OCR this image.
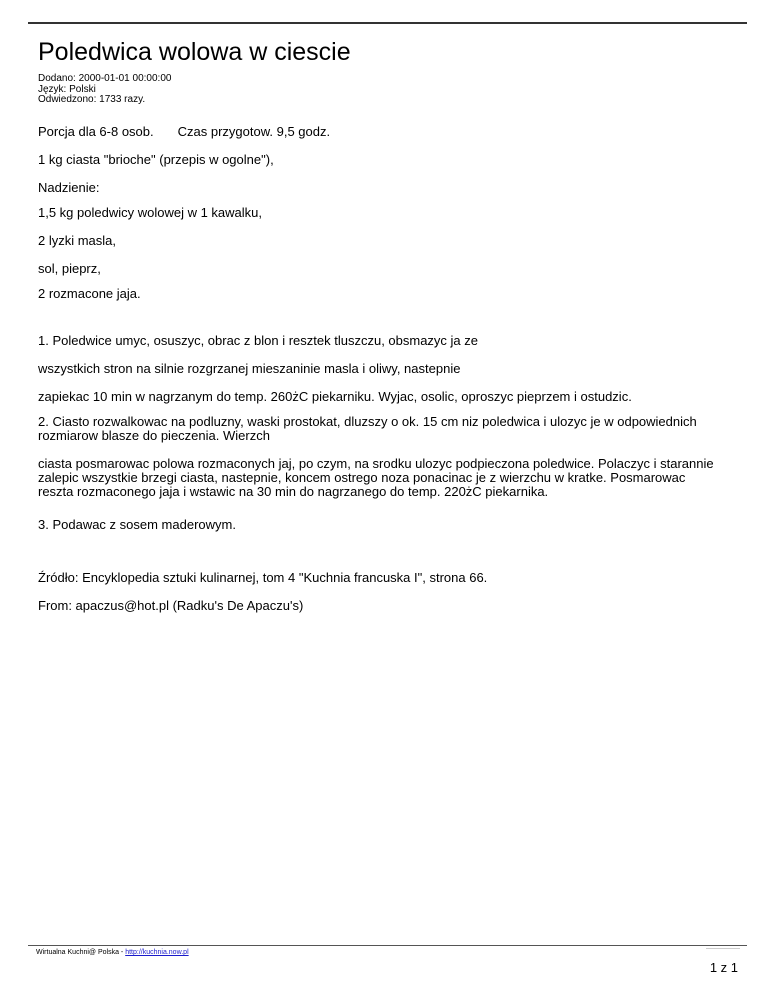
Poledwica wolowa w ciescie
Dodano: 2000-01-01 00:00:00
Język: Polski
Odwiedzono: 1733 razy.
Porcja dla 6-8 osob. Czas przygotow. 9,5 godz.
1 kg ciasta "brioche" (przepis w ogolne"),
Nadzienie:
1,5 kg poledwicy wolowej w 1 kawalku,
2 lyzki masla,
sol, pieprz,
2 rozmacone jaja.
1. Poledwice umyc, osuszyc, obrac z blon i resztek tluszczu, obsmazyc ja ze
wszystkich stron na silnie rozgrzanej mieszaninie masla i oliwy, nastepnie
zapiekac 10 min w nagrzanym do temp. 260żC piekarniku. Wyjac, osolic, oproszyc pieprzem i ostudzic.
2. Ciasto rozwalkowac na podluzny, waski prostokat, dluzszy o ok. 15 cm niz poledwica i ulozyc je w odpowiednich rozmiarow blasze do pieczenia. Wierzch
ciasta posmarowac polowa rozmaconych jaj, po czym, na srodku ulozyc podpieczona poledwice. Polaczyc i starannie zalepic wszystkie brzegi ciasta, nastepnie, koncem ostrego noza ponacinac je z wierzchu w kratke. Posmarowac reszta rozmaconego jaja i wstawic na 30 min do nagrzanego do temp. 220żC piekarnika.
3. Podawac z sosem maderowym.
Źródło: Encyklopedia sztuki kulinarnej, tom 4 "Kuchnia francuska I", strona 66.
From: apaczus@hot.pl (Radku's De Apaczu's)
Wirtualna Kuchni@ Polska - http://kuchnia.now.pl
1 z 1
